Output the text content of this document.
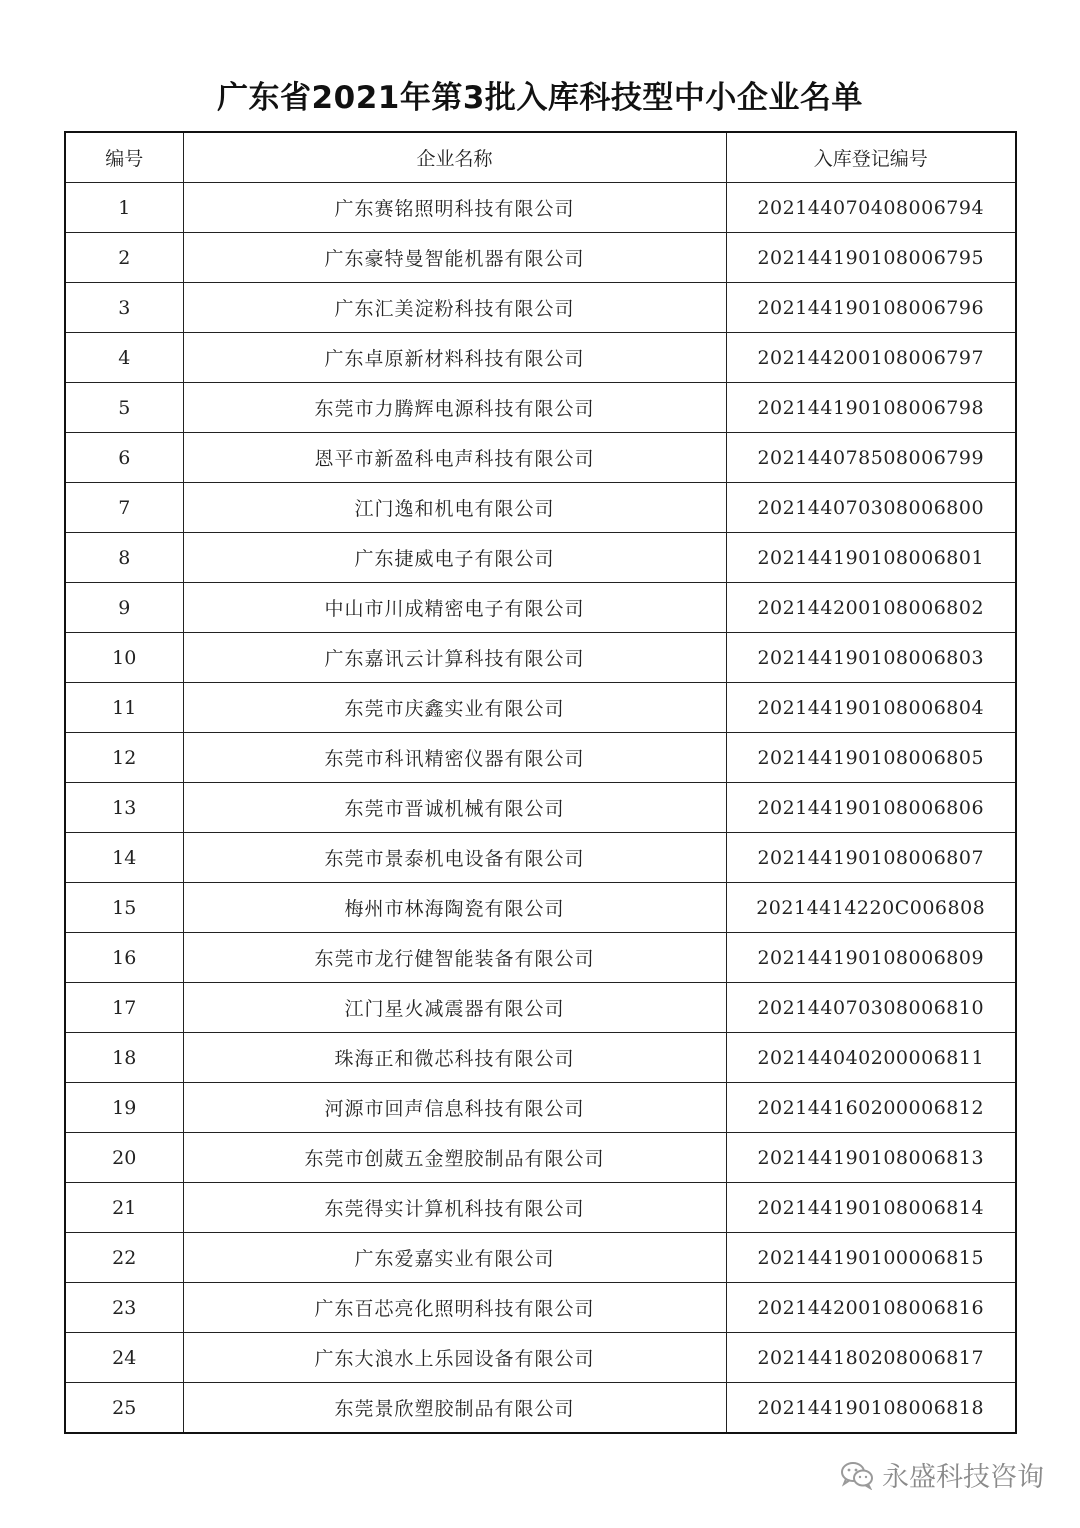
广东省2021年第3批入库科技型中小企业名单
编号	企业名称	入库登记编号
1	广东赛铭照明科技有限公司	202144070408006794
2	广东豪特曼智能机器有限公司	202144190108006795
3	广东汇美淀粉科技有限公司	202144190108006796
4	广东卓原新材料科技有限公司	202144200108006797
5	东莞市力腾辉电源科技有限公司	202144190108006798
6	恩平市新盈科电声科技有限公司	202144078508006799
7	江门逸和机电有限公司	202144070308006800
8	广东捷威电子有限公司	202144190108006801
9	中山市川成精密电子有限公司	202144200108006802
10	广东嘉讯云计算科技有限公司	202144190108006803
11	东莞市庆鑫实业有限公司	202144190108006804
12	东莞市科讯精密仪器有限公司	202144190108006805
13	东莞市晋诚机械有限公司	202144190108006806
14	东莞市景泰机电设备有限公司	202144190108006807
15	梅州市林海陶瓷有限公司	20214414220C006808
16	东莞市龙行健智能装备有限公司	202144190108006809
17	江门星火减震器有限公司	202144070308006810
18	珠海正和微芯科技有限公司	202144040200006811
19	河源市回声信息科技有限公司	202144160200006812
20	东莞市创葳五金塑胶制品有限公司	202144190108006813
21	东莞得实计算机科技有限公司	202144190108006814
22	广东爱嘉实业有限公司	202144190100006815
23	广东百芯亮化照明科技有限公司	202144200108006816
24	广东大浪水上乐园设备有限公司	202144180208006817
25	东莞景欣塑胶制品有限公司	202144190108006818
永盛科技咨询
